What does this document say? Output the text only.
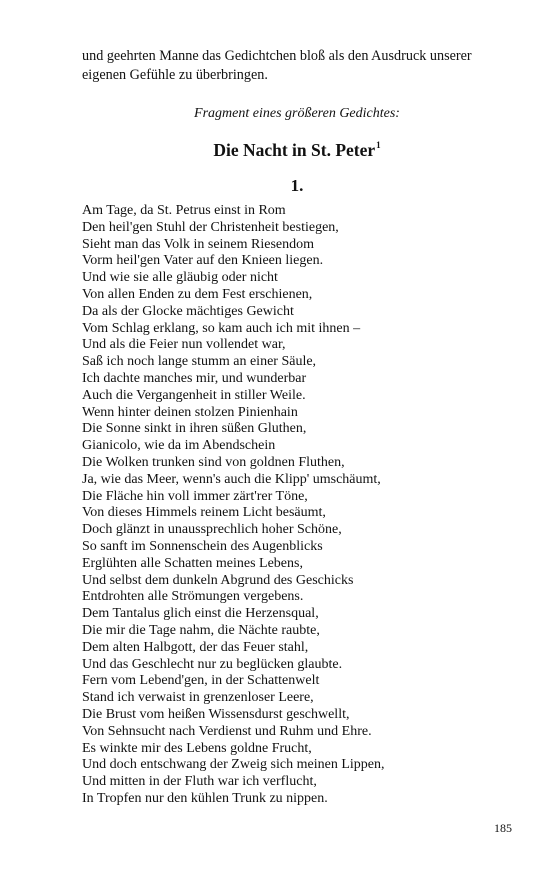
und geehrten Manne das Gedichtchen bloß als den Ausdruck unserer
eigenen Gefühle zu überbringen.

Fragment eines größeren Gedichtes:

Die Nacht in St. Peter$^1$
1.
Am Tage, da St. Petrus einst in Rom
Den heil'gen Stuhl der Christenheit bestiegen,
Sieht man das Volk in seinem Riesendom
Vorm heil'gen Vater auf den Knieen liegen.
Und wie sie alle gläubig oder nicht
Von allen Enden zu dem Fest erschienen,
Da als der Glocke mächtiges Gewicht
Vom Schlag erklang, so kam auch ich mit ihnen –
Und als die Feier nun vollendet war,
Saß ich noch lange stumm an einer Säule,
Ich dachte manches mir, und wunderbar
Auch die Vergangenheit in stiller Weile.
Wenn hinter deinen stolzen Pinienhain
Die Sonne sinkt in ihren süßen Gluthen,
Gianicolo, wie da im Abendschein
Die Wolken trunken sind von goldnen Fluthen,
Ja, wie das Meer, wenn's auch die Klipp' umschäumt,
Die Fläche hin voll immer zärt'rer Töne,
Von dieses Himmels reinem Licht besäumt,
Doch glänzt in unaussprechlich hoher Schöne,
So sanft im Sonnenschein des Augenblicks
Erglühten alle Schatten meines Lebens,
Und selbst dem dunkeln Abgrund des Geschicks
Entdrohten alle Strömungen vergebens.
Dem Tantalus glich einst die Herzensqual,
Die mir die Tage nahm, die Nächte raubte,
Dem alten Halbgott, der das Feuer stahl,
Und das Geschlecht nur zu beglücken glaubte.
Fern vom Lebend'gen, in der Schattenwelt
Stand ich verwaist in grenzenloser Leere,
Die Brust vom heißen Wissensdurst geschwellt,
Von Sehnsucht nach Verdienst und Ruhm und Ehre.
Es winkte mir des Lebens goldne Frucht,
Und doch entschwang der Zweig sich meinen Lippen,
Und mitten in der Fluth war ich verflucht,
In Tropfen nur den kühlen Trunk zu nippen.
185
